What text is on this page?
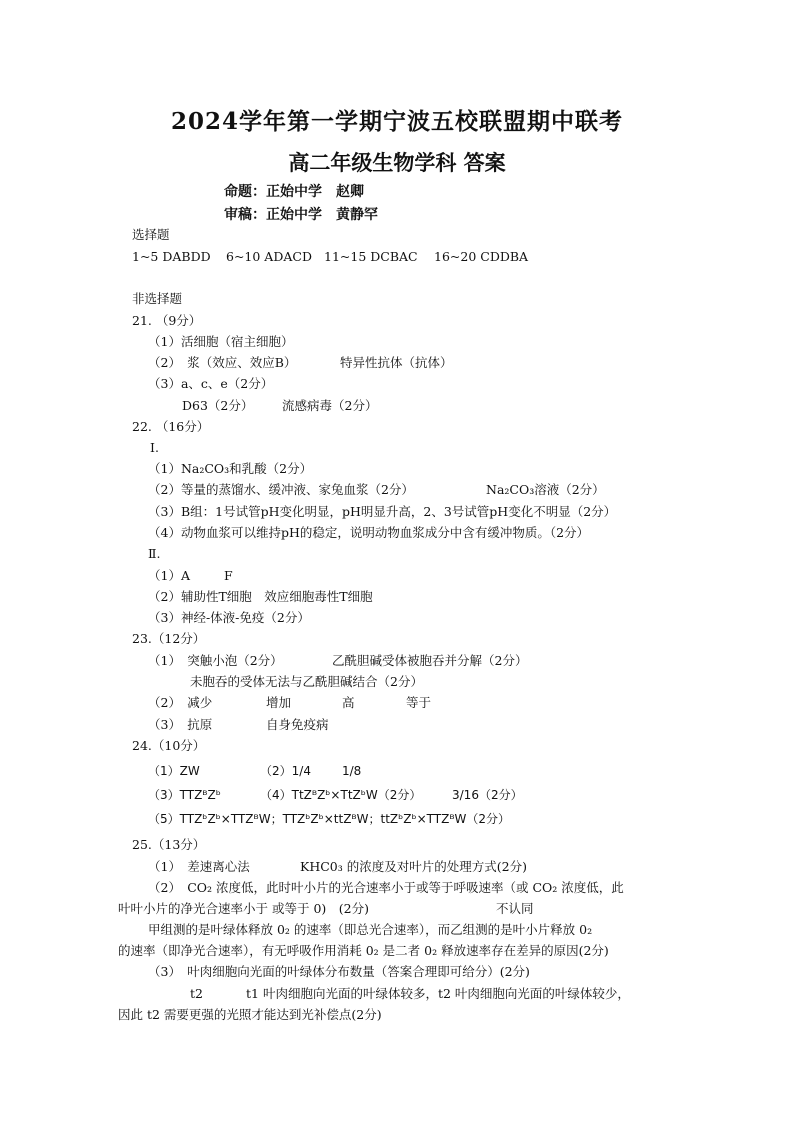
2024学年第一学期宁波五校联盟期中联考
高二年级生物学科 答案
命题：正始中学　赵卿
审稿：正始中学　黄静罕
选择题
1~5 DABDD 6~10 ADACD 11~15 DCBAC 16~20 CDDBA
非选择题
21. （9分）
（1）活细胞（宿主细胞）
（2）　浆（效应、效应B）	特异性抗体（抗体）
（3）a、c、e（2分）
D63（2分） 流感病毒（2分）
22. （16分）
Ⅰ.
（1）Na₂CO₃和乳酸（2分）
（2）等量的蒸馏水、缓冲液、家兔血浆（2分）	Na₂CO₃溶液（2分）
（3）B组：1号试管pH变化明显，pH明显升高，2、3号试管pH变化不明显（2分）
（4）动物血浆可以维持pH的稳定，说明动物血浆成分中含有缓冲物质。（2分）
Ⅱ.
（1）A	F
（2）辅助性T细胞　效应细胞毒性T细胞
（3）神经-体液-免疫（2分）
23.（12分）
（1）　突触小泡（2分）	乙酰胆碱受体被胞吞并分解（2分）
未胞吞的受体无法与乙酰胆碱结合（2分）
（2）　减少	增加	高	等于
（3）　抗原	自身免疫病
24.（10分）
（1）ZW	（2）1/4	1/8
（3）TTZᴮZᵇ	（4）TtZᴮZᵇ×TtZᵇW（2分）	3/16（2分）
（5）TTZᵇZᵇ×TTZᴮW；TTZᵇZᵇ×ttZᴮW；ttZᵇZᵇ×TTZᴮW（2分）
25.（13分）
（1）　差速离心法	KHC0₃ 的浓度及对叶片的处理方式(2分)
（2）　CO₂ 浓度低，此时叶小片的光合速率小于或等于呼吸速率（或 CO₂ 浓度低，此
叶叶小片的净光合速率小于 或等于 0)　(2分)	不认同
甲组测的是叶绿体释放 0₂ 的速率（即总光合速率），而乙组测的是叶小片释放 0₂
的速率（即净光合速率），有无呼吸作用消耗 0₂ 是二者 0₂ 释放速率存在差异的原因(2分)
（3）　叶肉细胞向光面的叶绿体分布数量（答案合理即可给分）(2分)
t2	t1 叶肉细胞向光面的叶绿体较多，t2 叶肉细胞向光面的叶绿体较少，
因此 t2 需要更强的光照才能达到光补偿点(2分)
